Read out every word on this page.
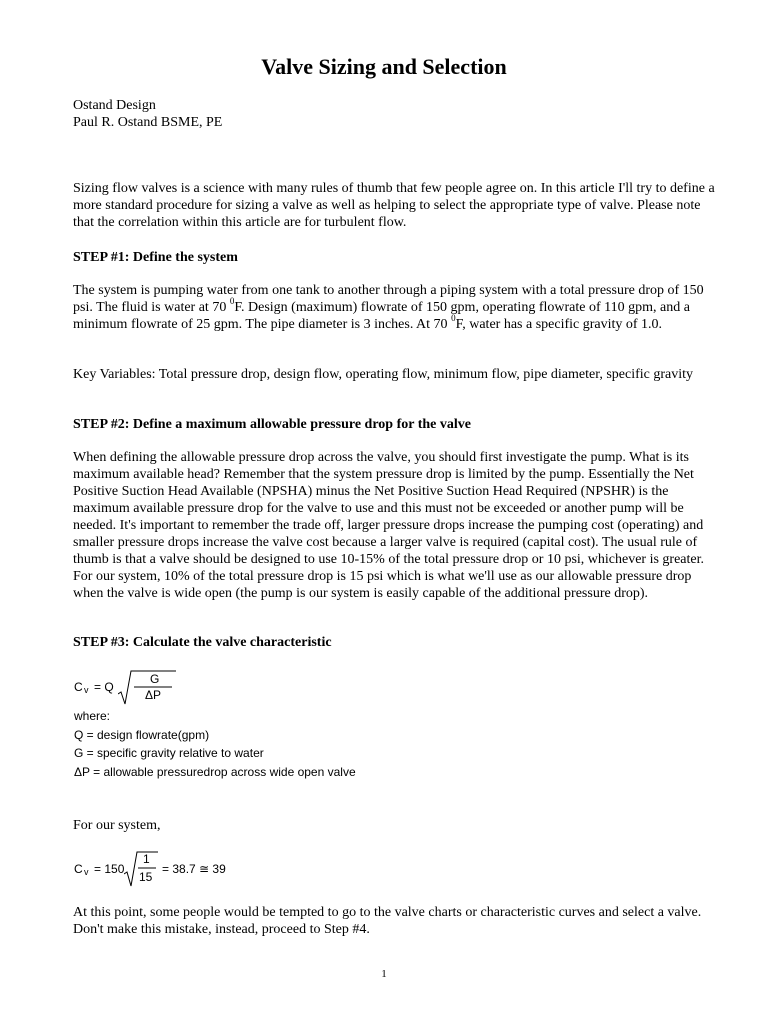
Valve Sizing and Selection

Ostand Design

Paul R. Ostand BSME, PE

Sizing flow valves is a science with many rules of thumb that few people agree on. In this article I'll try to define a more standard procedure for sizing a valve as well as helping to select the appropriate type of valve. Please note that the correlation within this article are for turbulent flow.

STEP #1: Define the system

The system is pumping water from one tank to another through a piping system with a total pressure drop of 150 psi. The fluid is water at 70 $^0$F. Design (maximum) flowrate of 150 gpm, operating flowrate of 110 gpm, and a minimum flowrate of 25 gpm. The pipe diameter is 3 inches. At 70 $^0$F, water has a specific gravity of 1.0.

Key Variables: Total pressure drop, design flow, operating flow, minimum flow, pipe diameter, specific gravity

STEP #2: Define a maximum allowable pressure drop for the valve

When defining the allowable pressure drop across the valve, you should first investigate the pump. What is its maximum available head? Remember that the system pressure drop is limited by the pump. Essentially the Net Positive Suction Head Available (NPSHA) minus the Net Positive Suction Head Required (NPSHR) is the maximum available pressure drop for the valve to use and this must not be exceeded or another pump will be needed. It's important to remember the trade off, larger pressure drops increase the pumping cost (operating) and smaller pressure drops increase the valve cost because a larger valve is required (capital cost). The usual rule of thumb is that a valve should be designed to use 10-15% of the total pressure drop or 10 psi, whichever is greater. For our system, 10% of the total pressure drop is 15 psi which is what we'll use as our allowable pressure drop when the valve is wide open (the pump is our system is easily capable of the additional pressure drop).

STEP #3: Calculate the valve characteristic

C v = Q
G
ΔP
where:
Q = design flowrate(gpm)
G = specific gravity relative to water
ΔP = allowable pressuredrop across wide open valve

For our system,

C v = 150
1
15
= 38.7 ≅ 39

At this point, some people would be tempted to go to the valve charts or characteristic curves and select a valve. Don't make this mistake, instead, proceed to Step #4.

1
